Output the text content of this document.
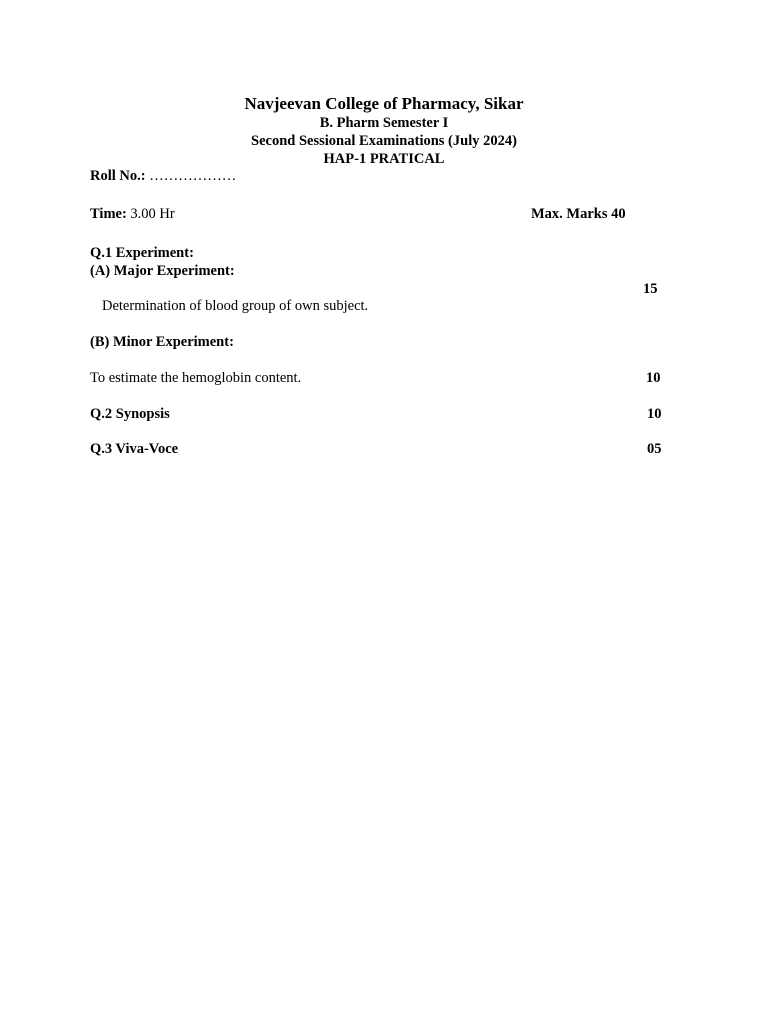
Navjeevan College of Pharmacy, Sikar
B. Pharm Semester I
Second Sessional Examinations (July 2024)
HAP-1 PRATICAL
Roll No.: ………………
Time: 3.00 Hr	Max. Marks 40
Q.1 Experiment:
(A) Major Experiment:
15
Determination of blood group of own subject.
(B) Minor Experiment:
To estimate the hemoglobin content.	10
Q.2 Synopsis	10
Q.3 Viva-Voce	05
